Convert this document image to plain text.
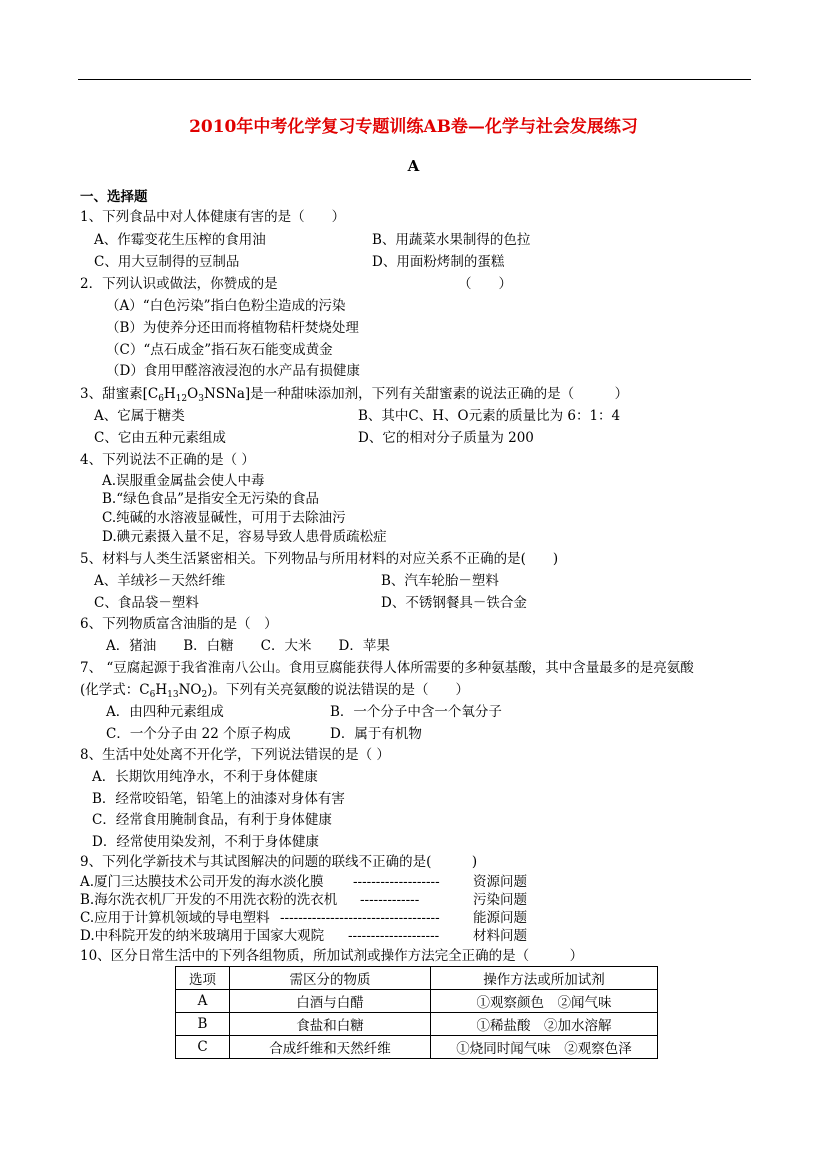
2010年中考化学复习专题训练AB卷—化学与社会发展练习
A
一、选择题
1、下列食品中对人体健康有害的是（　　）
A、作霉变花生压榨的食用油	B、用蔬菜水果制得的色拉
C、用大豆制得的豆制品	D、用面粉烤制的蛋糕
2．下列认识或做法，你赞成的是	（　　）
（A）“白色污染”指白色粉尘造成的污染
（B）为使养分还田而将植物秸杆焚烧处理
（C）“点石成金”指石灰石能变成黄金
（D）食用甲醛溶液浸泡的水产品有损健康
B、其中C、H、O元素的质量比为 6：1：4
A、它属于糖类
C、它由五种元素组成	D、它的相对分子质量为 200
4、下列说法不正确的是（ ）
A.误服重金属盐会使人中毒
B.“绿色食品”是指安全无污染的食品
C.纯碱的水溶液显碱性，可用于去除油污
D.碘元素摄入量不足，容易导致人患骨质疏松症
5、材料与人类生活紧密相关。下列物品与所用材料的对应关系不正确的是(　　)
A、羊绒衫－天然纤维	B、汽车轮胎－塑料
C、食品袋－塑料	D、不锈钢餐具－铁合金
6、下列物质富含油脂的是（　）
A．猪油　　B．白糖　　C．大米　　D．苹果
7、 “豆腐起源于我省淮南八公山。食用豆腐能获得人体所需要的多种氨基酸，其中含量最多的是亮氨酸
A．由四种元素组成	B．一个分子中含一个氧分子
C．一个分子由 22 个原子构成	D．属于有机物
8、生活中处处离不开化学，下列说法错误的是（ ）
A．长期饮用纯净水，不利于身体健康
B．经常咬铅笔，铅笔上的油漆对身体有害
C．经常食用腌制食品，有利于身体健康
D．经常使用染发剂，不利于身体健康
9、下列化学新技术与其试图解决的问题的联线不正确的是(　　　)
A.厦门三达膜技术公司开发的海水淡化膜	资源问题
B.海尔洗衣机厂开发的不用洗衣粉的洗衣机	污染问题
C.应用于计算机领域的导电塑料	能源问题
D.中科院开发的纳米玻璃用于国家大观院	材料问题
10、区分日常生活中的下列各组物质，所加试剂或操作方法完全正确的是（　　　）
3、甜蜜素$[C_6H_{12}O_3NSNa]$是一种甜味添加剂，下列有关甜蜜素的说法正确的是（　　　）
(化学式：$C_6H_{13}NO_2$)。下列有关亮氨酸的说法错误的是（　　）
-------------------
-------------
-----------------------------------
--------------------
选项	需区分的物质	操作方法或所加试剂
A	白酒与白醋	①观察颜色　②闻气味
B	食盐和白糖	①稀盐酸　②加水溶解
C	合成纤维和天然纤维	①烧同时闻气味　②观察色泽
